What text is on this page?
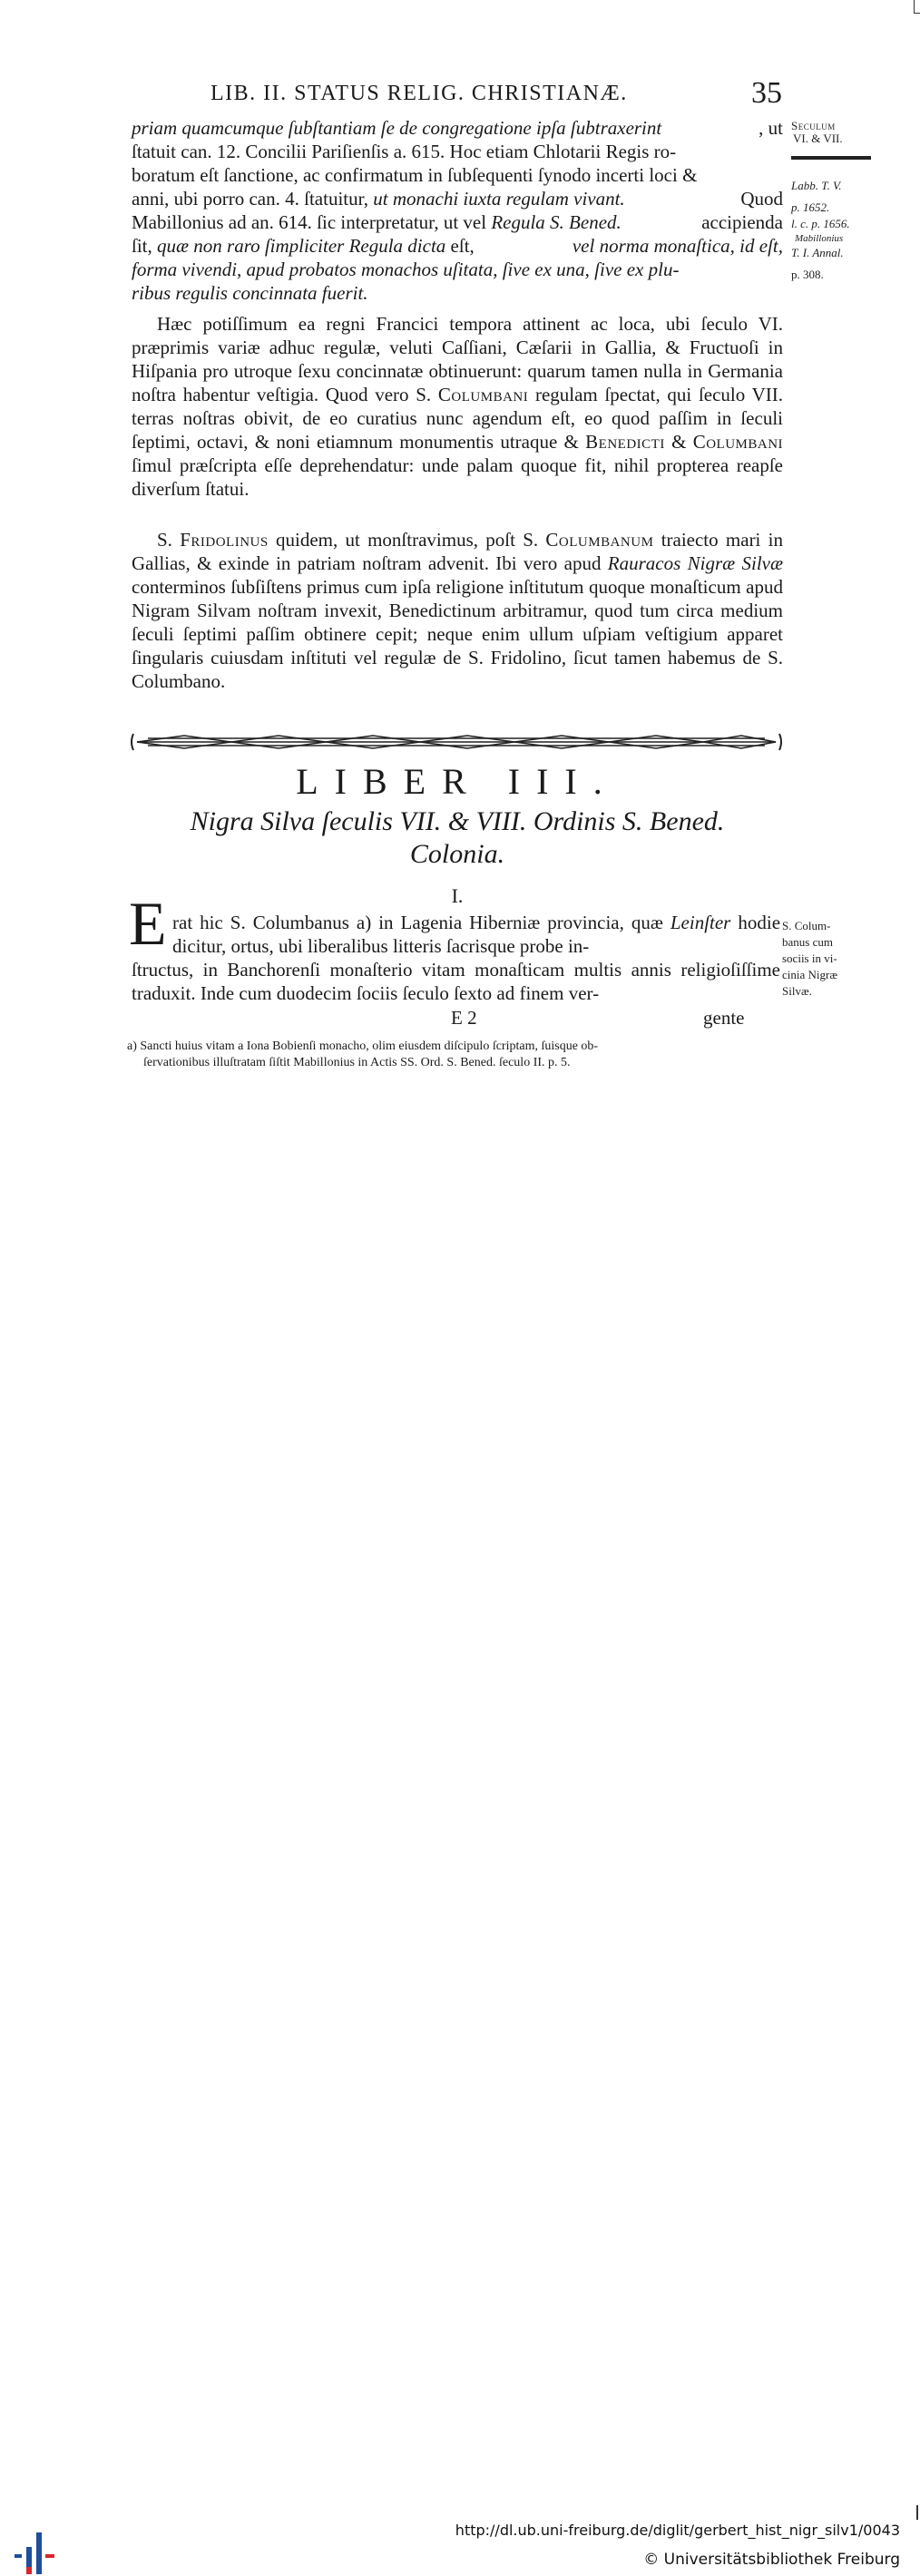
LIB. II. STATUS RELIG. CHRISTIANÆ.	35
priam quamcumque ſubſtantiam ſe de congregatione ipſa ſubtraxerint	, ut
ſtatuit can. 12. Concilii Pariſienſis a. 615. Hoc etiam Chlotarii Regis ro-
boratum eſt ſanctione, ac confirmatum in ſubſequenti ſynodo incerti loci &
anni, ubi porro can. 4. ſtatuitur, ut monachi iuxta regulam vivant.	Quod
Mabillonius ad an. 614. ſic interpretatur, ut vel Regula S. Bened.	accipienda
ſit, quæ non raro ſimpliciter Regula dicta eſt,	vel norma monaſtica, id eſt,
forma vivendi, apud probatos monachos uſitata, ſive ex una, ſive ex plu-
ribus regulis concinnata fuerit.
Seculum
VI. & VII.
Labb. T. V.
p. 1652.
l. c. p. 1656.
Mabillonius
T. I. Annal.
p. 308.

Hæc potiſſimum ea regni Francici tempora attinent ac loca, ubi ſeculo VI. præprimis variæ adhuc regulæ, veluti Caſſiani, Cæſarii in Gallia, & Fructuoſi in Hiſpania pro utroque ſexu concinnatæ obtinuerunt: quarum tamen nulla in Germania noſtra habentur veſtigia. Quod vero S. Columbani regulam ſpectat, qui ſeculo VII. terras noſtras obivit, de eo curatius nunc agendum eſt, eo quod paſſim in ſeculi ſeptimi, octavi, & noni etiamnum monumentis utraque & Benedicti & Columbani ſimul præſcripta eſſe deprehendatur: unde palam quoque fit, nihil propterea reapſe diverſum ſtatui.

S. Fridolinus quidem, ut monſtravimus, poſt S. Columbanum traiecto mari in Gallias, & exinde in patriam noſtram advenit. Ibi vero apud Rauracos Nigræ Silvæ conterminos ſubſiſtens primus cum ipſa religione inſtitutum quoque monaſticum apud Nigram Silvam noſtram invexit, Benedictinum arbitramur, quod tum circa medium ſeculi ſeptimi paſſim obtinere cepit; neque enim ullum uſpiam veſtigium apparet ſingularis cuiusdam inſtituti vel regulæ de S. Fridolino, ſicut tamen habemus de S. Columbano.

LIBER III.
Nigra Silva ſeculis VII. & VIII. Ordinis S. Bened.
Colonia.
I.
E rat hic S. Columbanus a) in Lagenia Hiberniæ provincia, quæ Leinſter hodie dicitur, ortus, ubi liberalibus litteris ſacrisque probe in-

ſtructus, in Banchorenſi monaſterio vitam monaſticam multis annis religioſiſſime traduxit. Inde cum duodecim ſociis ſeculo ſexto ad finem ver-

S. Colum-
banus cum
sociis in vi-
cinia Nigræ
Silvæ.
E 2	gente
a) Sancti huius vitam a Iona Bobienſi monacho, olim eiusdem diſcipulo ſcriptam, ſuisque ob-
ſervationibus illuſtratam ſiſtit Mabillonius in Actis SS. Ord. S. Bened. ſeculo II. p. 5.
http://dl.ub.uni-freiburg.de/diglit/gerbert_hist_nigr_silv1/0043
© Universitätsbibliothek Freiburg
